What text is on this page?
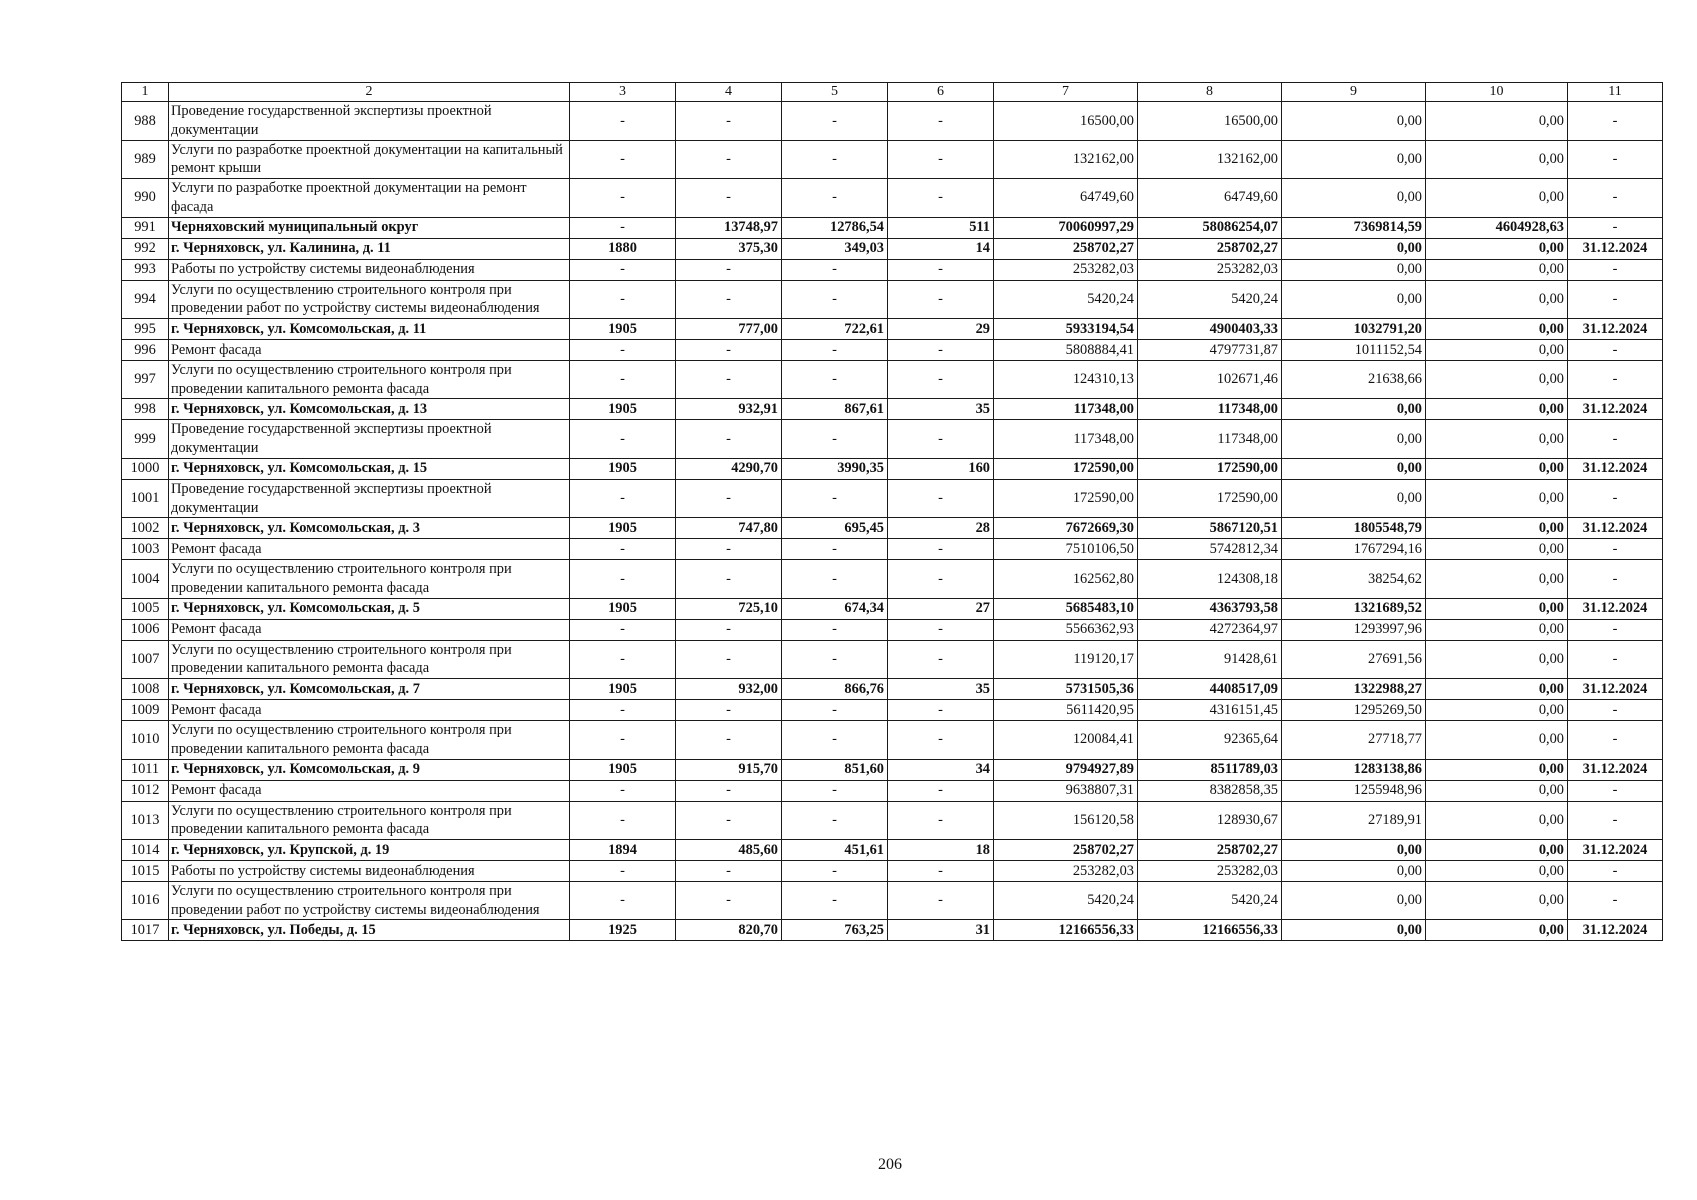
1	2	3	4	5	6	7	8	9	10	11
988	Проведение государственной экспертизы проектной документации	-	-	-	-	16500,00	16500,00	0,00	0,00	-
989	Услуги по разработке проектной документации на капитальный ремонт крыши	-	-	-	-	132162,00	132162,00	0,00	0,00	-
990	Услуги по разработке проектной документации на ремонт фасада	-	-	-	-	64749,60	64749,60	0,00	0,00	-
991	Черняховский муниципальный округ	-	13748,97	12786,54	511	70060997,29	58086254,07	7369814,59	4604928,63	-
992	г. Черняховск, ул. Калинина, д. 11	1880	375,30	349,03	14	258702,27	258702,27	0,00	0,00	31.12.2024
993	Работы по устройству системы видеонаблюдения	-	-	-	-	253282,03	253282,03	0,00	0,00	-
994	Услуги по осуществлению строительного контроля при проведении работ по устройству системы видеонаблюдения	-	-	-	-	5420,24	5420,24	0,00	0,00	-
995	г. Черняховск, ул. Комсомольская, д. 11	1905	777,00	722,61	29	5933194,54	4900403,33	1032791,20	0,00	31.12.2024
996	Ремонт фасада	-	-	-	-	5808884,41	4797731,87	1011152,54	0,00	-
997	Услуги по осуществлению строительного контроля при проведении капитального ремонта фасада	-	-	-	-	124310,13	102671,46	21638,66	0,00	-
998	г. Черняховск, ул. Комсомольская, д. 13	1905	932,91	867,61	35	117348,00	117348,00	0,00	0,00	31.12.2024
999	Проведение государственной экспертизы проектной документации	-	-	-	-	117348,00	117348,00	0,00	0,00	-
1000	г. Черняховск, ул. Комсомольская, д. 15	1905	4290,70	3990,35	160	172590,00	172590,00	0,00	0,00	31.12.2024
1001	Проведение государственной экспертизы проектной документации	-	-	-	-	172590,00	172590,00	0,00	0,00	-
1002	г. Черняховск, ул. Комсомольская, д. 3	1905	747,80	695,45	28	7672669,30	5867120,51	1805548,79	0,00	31.12.2024
1003	Ремонт фасада	-	-	-	-	7510106,50	5742812,34	1767294,16	0,00	-
1004	Услуги по осуществлению строительного контроля при проведении капитального ремонта фасада	-	-	-	-	162562,80	124308,18	38254,62	0,00	-
1005	г. Черняховск, ул. Комсомольская, д. 5	1905	725,10	674,34	27	5685483,10	4363793,58	1321689,52	0,00	31.12.2024
1006	Ремонт фасада	-	-	-	-	5566362,93	4272364,97	1293997,96	0,00	-
1007	Услуги по осуществлению строительного контроля при проведении капитального ремонта фасада	-	-	-	-	119120,17	91428,61	27691,56	0,00	-
1008	г. Черняховск, ул. Комсомольская, д. 7	1905	932,00	866,76	35	5731505,36	4408517,09	1322988,27	0,00	31.12.2024
1009	Ремонт фасада	-	-	-	-	5611420,95	4316151,45	1295269,50	0,00	-
1010	Услуги по осуществлению строительного контроля при проведении капитального ремонта фасада	-	-	-	-	120084,41	92365,64	27718,77	0,00	-
1011	г. Черняховск, ул. Комсомольская, д. 9	1905	915,70	851,60	34	9794927,89	8511789,03	1283138,86	0,00	31.12.2024
1012	Ремонт фасада	-	-	-	-	9638807,31	8382858,35	1255948,96	0,00	-
1013	Услуги по осуществлению строительного контроля при проведении капитального ремонта фасада	-	-	-	-	156120,58	128930,67	27189,91	0,00	-
1014	г. Черняховск, ул. Крупской, д. 19	1894	485,60	451,61	18	258702,27	258702,27	0,00	0,00	31.12.2024
1015	Работы по устройству системы видеонаблюдения	-	-	-	-	253282,03	253282,03	0,00	0,00	-
1016	Услуги по осуществлению строительного контроля при проведении работ по устройству системы видеонаблюдения	-	-	-	-	5420,24	5420,24	0,00	0,00	-
1017	г. Черняховск, ул. Победы, д. 15	1925	820,70	763,25	31	12166556,33	12166556,33	0,00	0,00	31.12.2024
206
